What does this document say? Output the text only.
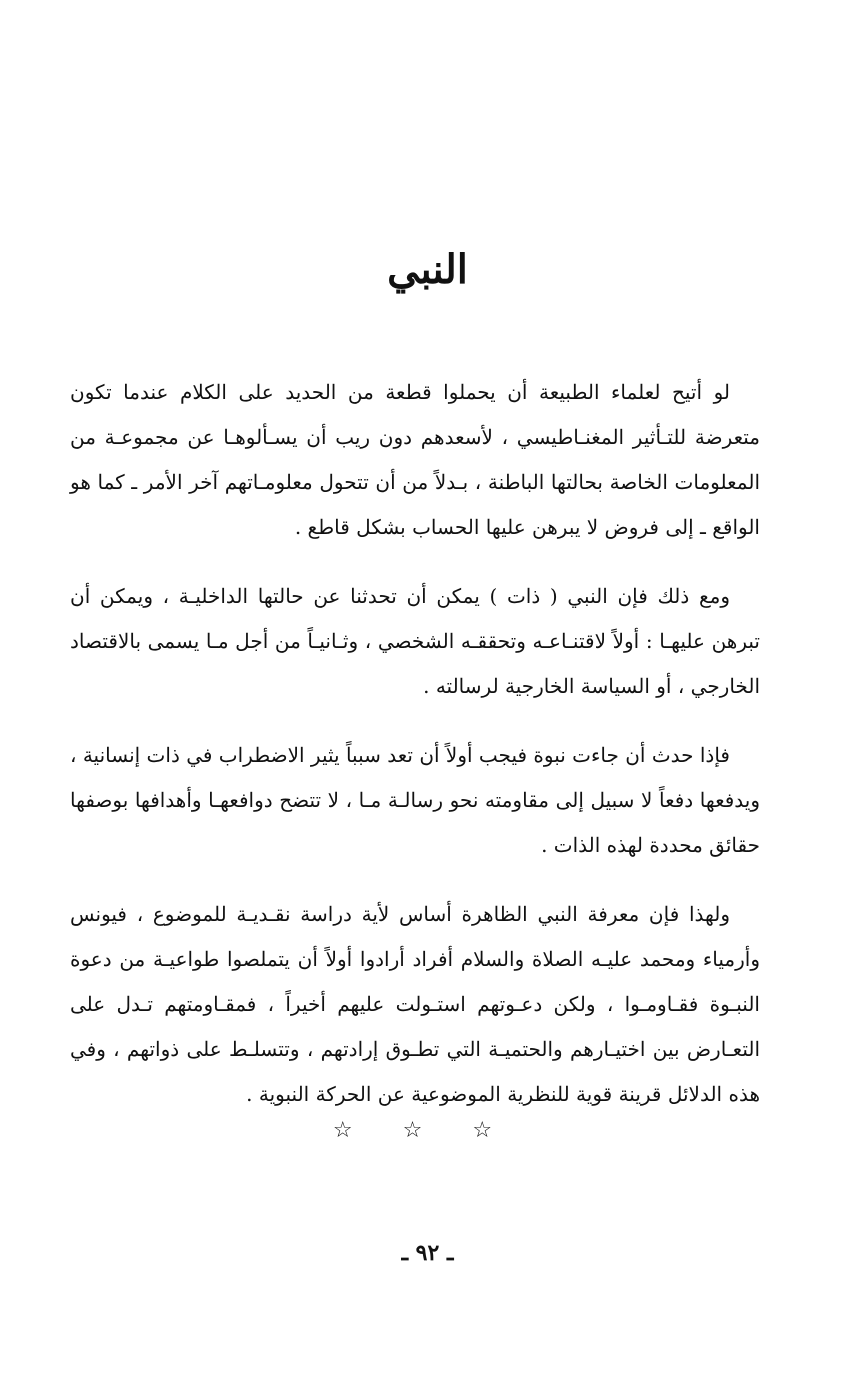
النبي

لو أتيح لعلماء الطبيعة أن يحملوا قطعة من الحديد على الكلام عندما تكون متعرضة للتـأثير المغنـاطيسي ، لأسعدهم دون ريب أن يسـألوهـا عن مجموعـة من المعلومات الخاصة بحالتها الباطنة ، بـدلاً من أن تتحول معلومـاتهم آخر الأمر ـ كما هو الواقع ـ إلى فروض لا يبرهن عليها الحساب بشكل قاطع .

ومع ذلك فإن النبي ( ذات ) يمكن أن تحدثنا عن حالتها الداخليـة ، ويمكن أن تبرهن عليهـا : أولاً لاقتنـاعـه وتحققـه الشخصي ، وثـانيـاً من أجل مـا يسمى بالاقتصاد الخارجي ، أو السياسة الخارجية لرسالته .

فإذا حدث أن جاءت نبوة فيجب أولاً أن تعد سبباً يثير الاضطراب في ذات إنسانية ، ويدفعها دفعاً لا سبيل إلى مقاومته نحو رسالـة مـا ، لا تتضح دوافعهـا وأهدافها بوصفها حقائق محددة لهذه الذات .

ولهذا فإن معرفة النبي الظاهرة أساس لأية دراسة نقـديـة للموضوع ، فيونس وأرمياء ومحمد عليـه الصلاة والسلام أفراد أرادوا أولاً أن يتملصوا طواعيـة من دعوة النبـوة فقـاومـوا ، ولكن دعـوتهم استـولت عليهم أخيراً ، فمقـاومتهم تـدل على التعـارض بين اختيـارهم والحتميـة التي تطـوق إرادتهم ، وتتسلـط على ذواتهم ، وفي هذه الدلائل قرينة قوية للنظرية الموضوعية عن الحركة النبوية .

☆ ☆ ☆
ـ ٩٢ ـ
